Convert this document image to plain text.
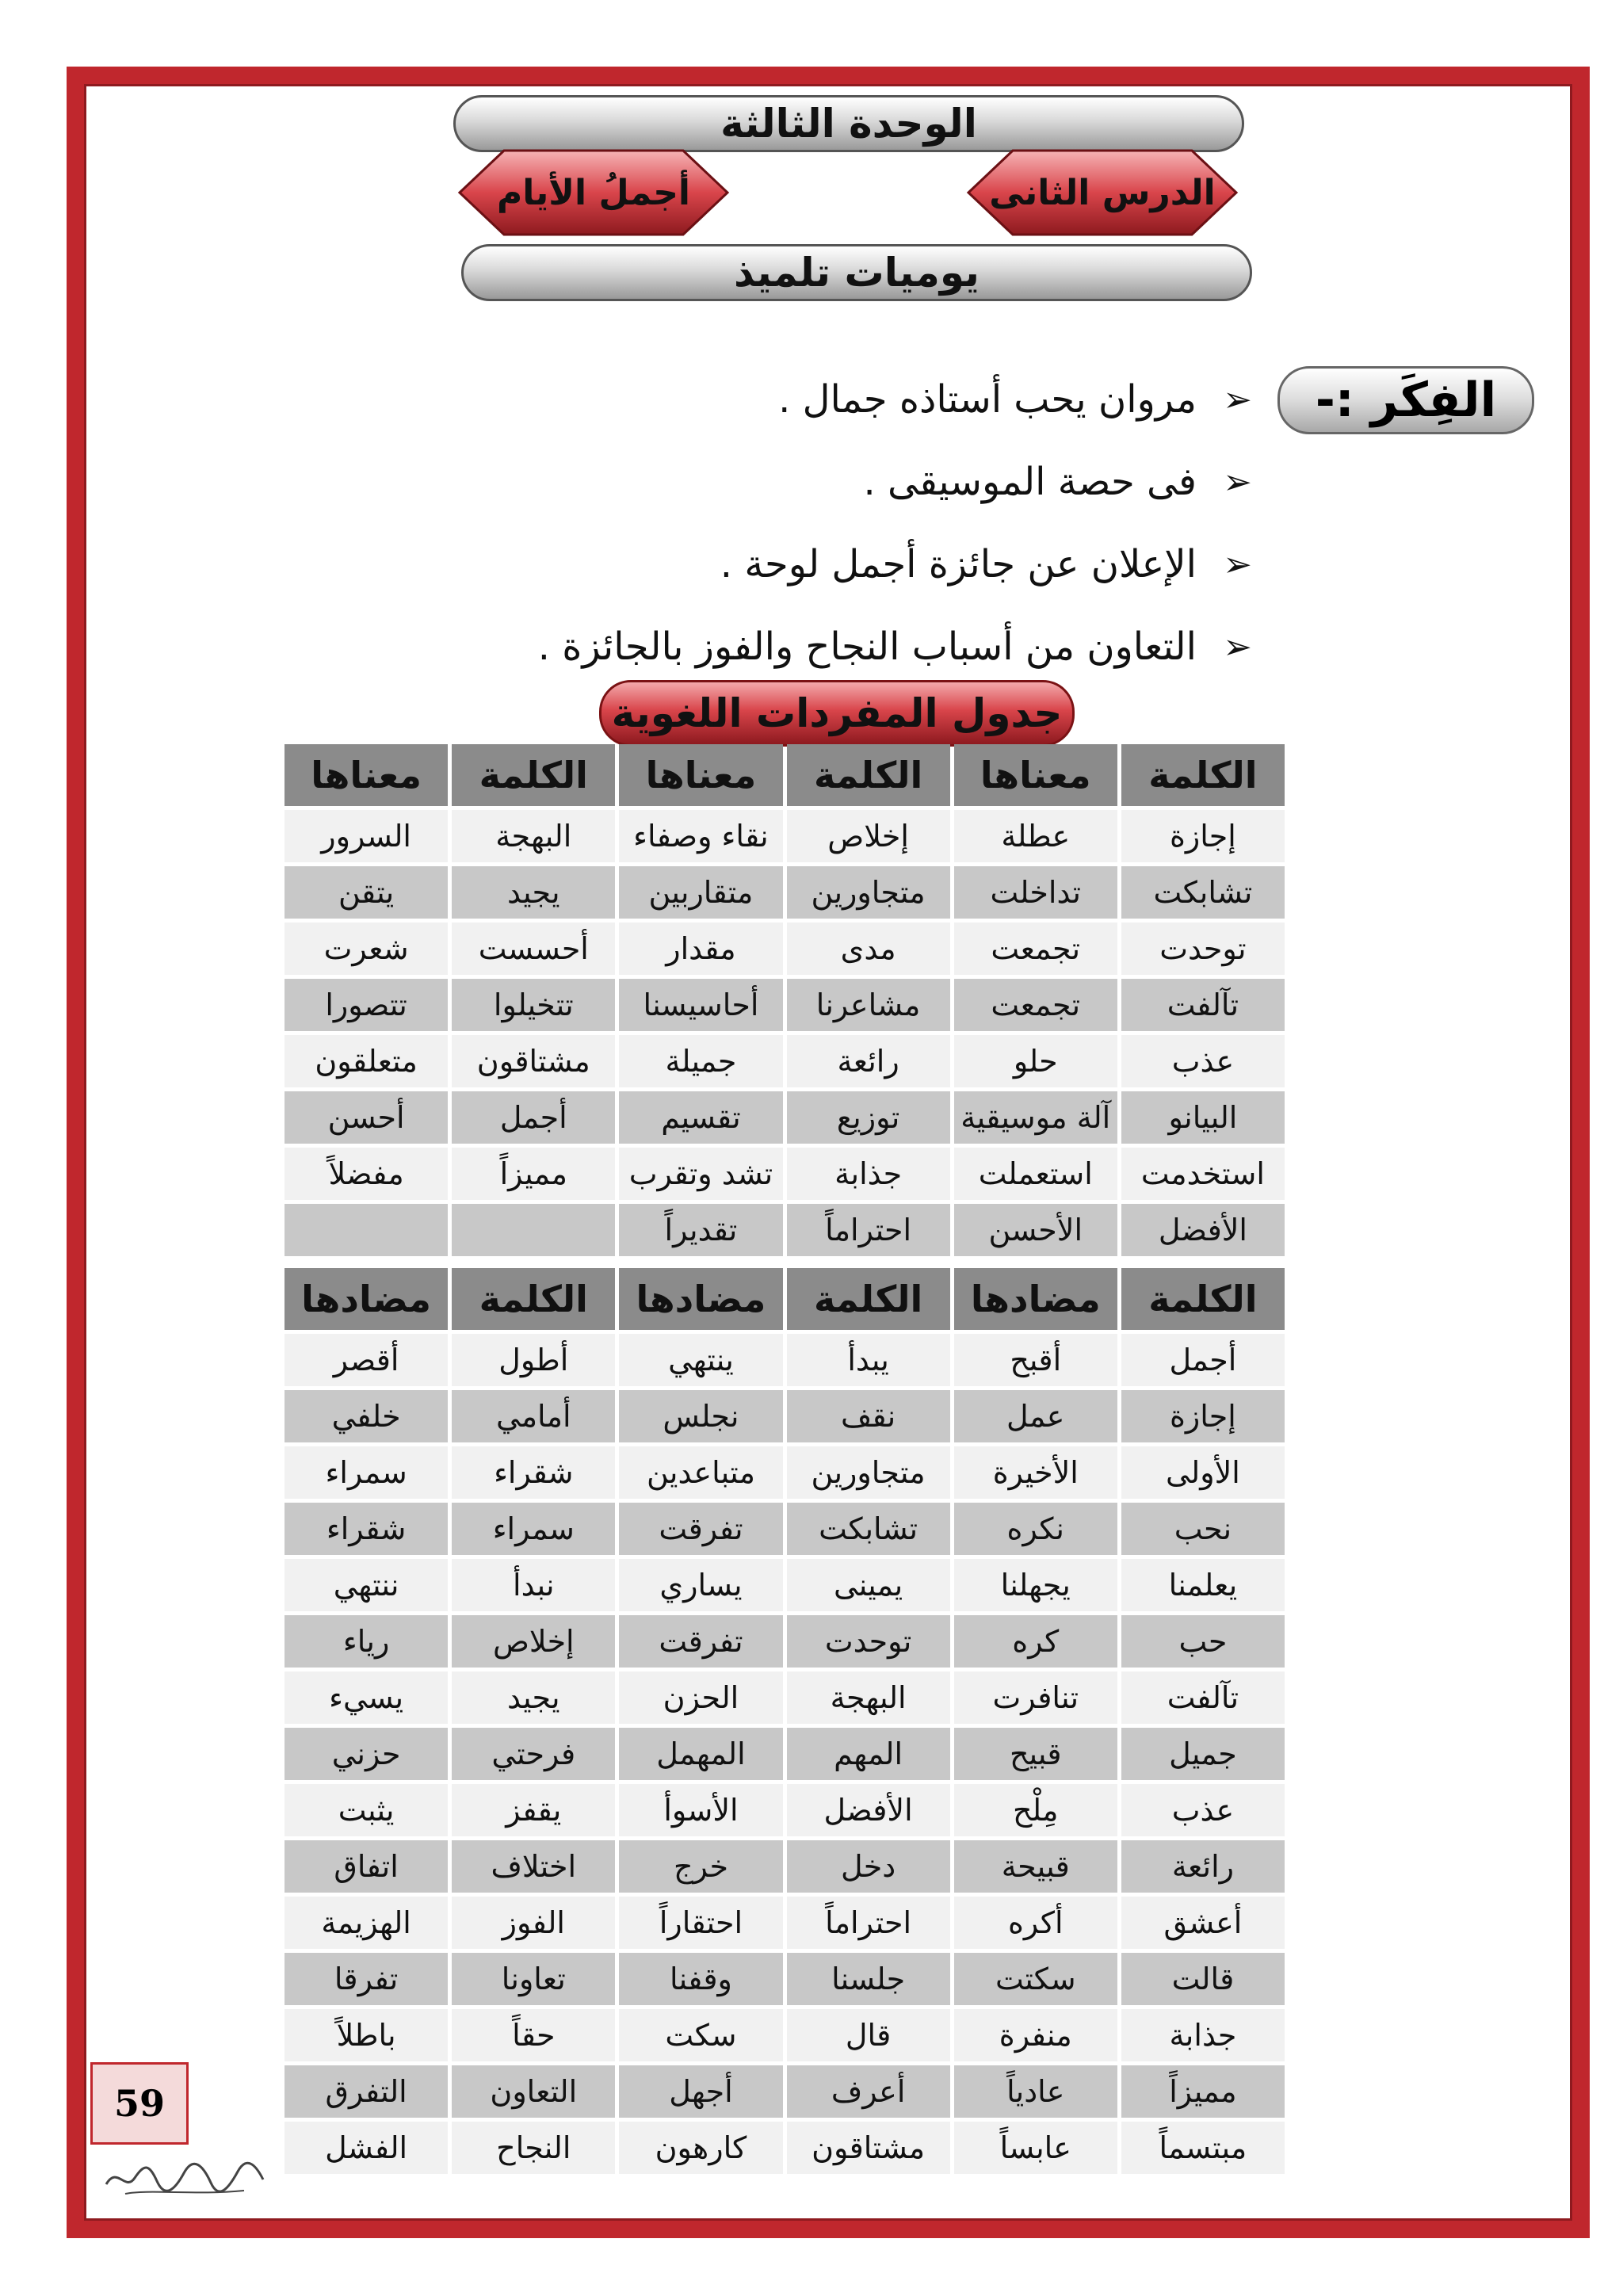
الوحدة الثالثة
أجملُ الأيام	الدرس الثانى
يوميات تلميذ
الفِكَر :-
➢
مروان يحب أستاذه جمال .
➢
فى حصة الموسيقى .
➢
الإعلان عن جائزة أجمل لوحة .
➢
التعاون من أسباب النجاح والفوز بالجائزة .
جدول المفردات اللغوية
الكلمة	معناها	الكلمة	معناها	الكلمة	معناها
إجازة	عطلة	إخلاص	نقاء وصفاء	البهجة	السرور
تشابكت	تداخلت	متجاورين	متقاربين	يجيد	يتقن
توحدت	تجمعت	مدى	مقدار	أحسست	شعرت
تآلفت	تجمعت	مشاعرنا	أحاسيسنا	تتخيلوا	تتصورا
عذب	حلو	رائعة	جميلة	مشتاقون	متعلقون
البيانو	آلة موسيقية	توزيع	تقسيم	أجمل	أحسن
استخدمت	استعملت	جذابة	تشد وتقرب	مميزاً	مفضلاً
الأفضل	الأحسن	احتراماً	تقديراً		
الكلمة	مضادها	الكلمة	مضادها	الكلمة	مضادها
أجمل	أقبح	يبدأ	ينتهي	أطول	أقصر
إجازة	عمل	نقف	نجلس	أمامي	خلفي
الأولى	الأخيرة	متجاورين	متباعدين	شقراء	سمراء
نحب	نكره	تشابكت	تفرقت	سمراء	شقراء
يعلمنا	يجهلنا	يمينى	يساري	نبدأ	ننتهي
حب	كره	توحدت	تفرقت	إخلاص	رياء
تآلفت	تنافرت	البهجة	الحزن	يجيد	يسيء
جميل	قبيح	المهم	المهمل	فرحتي	حزني
عذب	مِلْح	الأفضل	الأسوأ	يقفز	يثبت
رائعة	قبيحة	دخل	خرج	اختلاف	اتفاق
أعشق	أكره	احتراماً	احتقاراً	الفوز	الهزيمة
قالت	سكتت	جلسنا	وقفنا	تعاونا	تفرقا
جذابة	منفرة	قال	سكت	حقاً	باطلاً
مميزاً	عادياً	أعرف	أجهل	التعاون	التفرق
مبتسماً	عابساً	مشتاقون	كارهون	النجاح	الفشل
59
